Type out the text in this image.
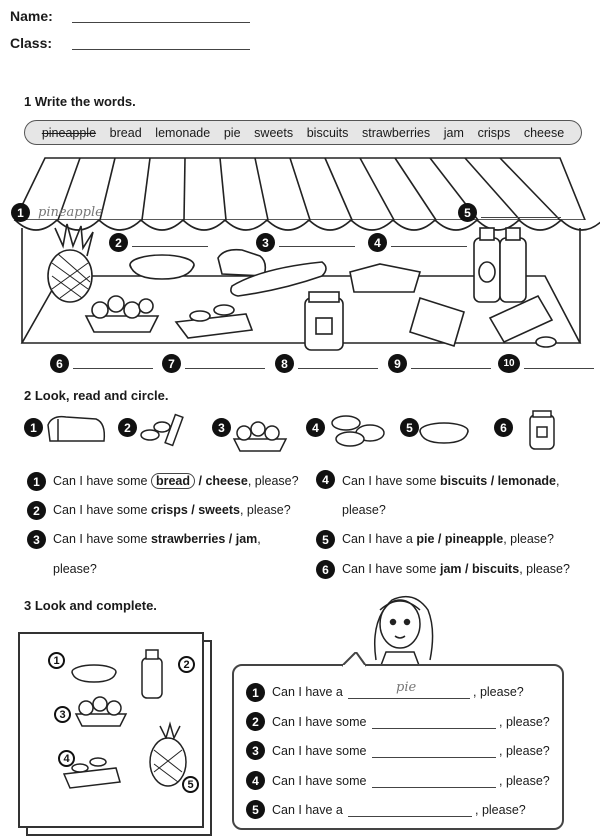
Name:
Class:
1 Write the words.
pineapple bread lemonade pie sweets biscuits strawberries jam crisps cheese
pineapple
1
2	3	4
5
6	7	8	9	10
2 Look, read and circle.
1	2	3	4	5	6
1	Can I have some bread / cheese, please?
2	Can I have some crisps / sweets, please?
3	Can I have some strawberries / jam,
please?
4	Can I have some biscuits / lemonade,
please?
5	Can I have a pie / pineapple, please?
6	Can I have some jam / biscuits, please?
3 Look and complete.
1	2
3
4
5
1	Can I have a	pie	, please?
2	Can I have some	, please?
3	Can I have some	, please?
4	Can I have some	, please?
5	Can I have a	, please?
